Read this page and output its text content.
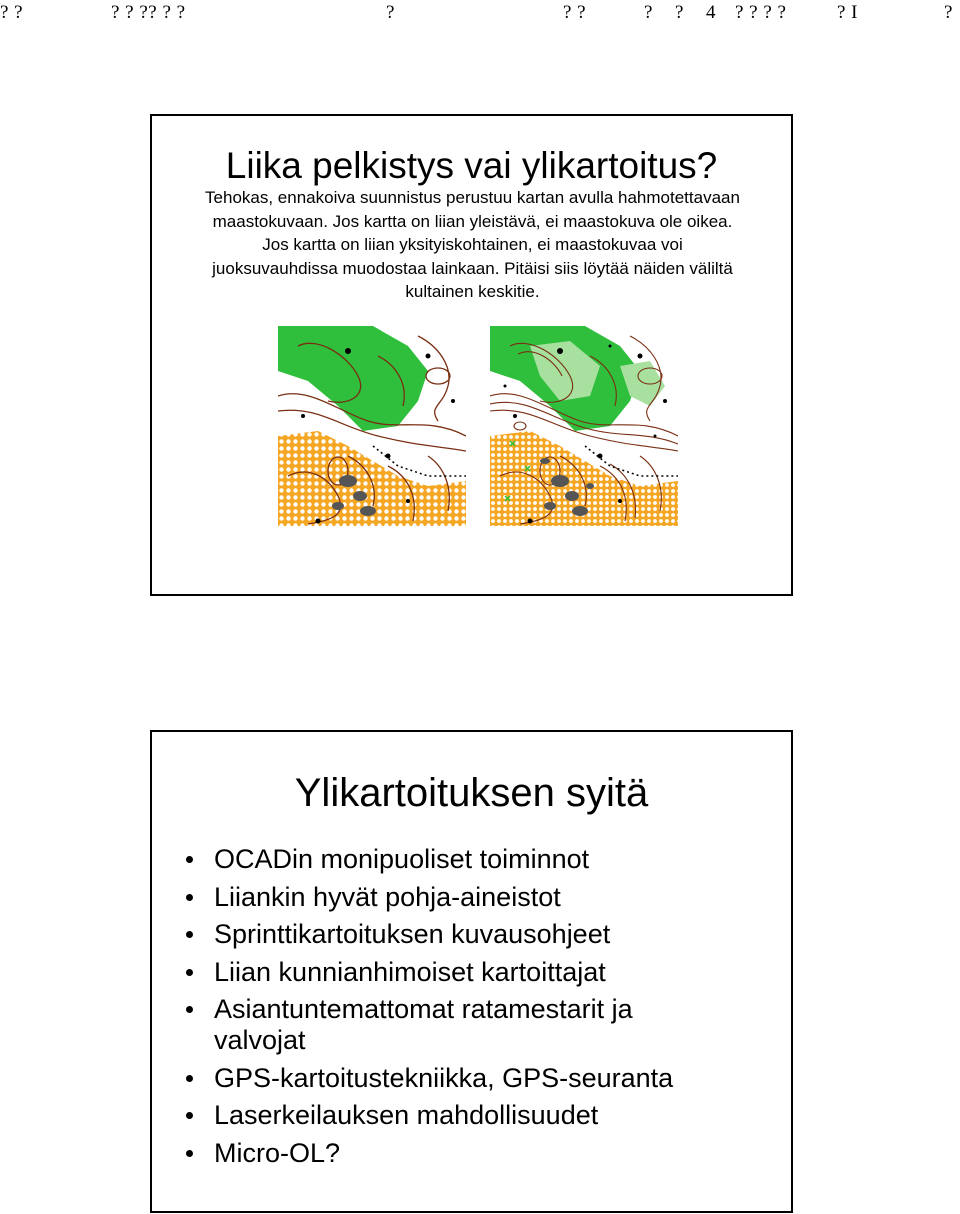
? ?	? ? ?? ? ?	?	? ?	? ? 4 ? ? ? ?	? I	?
Liika pelkistys vai ylikartoitus?
Tehokas, ennakoiva suunnistus perustuu kartan avulla hahmotettavaan
maastokuvaan. Jos kartta on liian yleistävä, ei maastokuva ole oikea.
Jos kartta on liian yksityiskohtainen, ei maastokuvaa voi
juoksuvauhdissa muodostaa lainkaan. Pitäisi siis löytää näiden väliltä
kultainen keskitie.
Ylikartoituksen syitä
OCADin monipuoliset toiminnot
Liiankin hyvät pohja-aineistot
Sprinttikartoituksen kuvausohjeet
Liian kunnianhimoiset kartoittajat
Asiantuntemattomat ratamestarit ja
valvojat
GPS-kartoitustekniikka, GPS-seuranta
Laserkeilauksen mahdollisuudet
Micro-OL?
